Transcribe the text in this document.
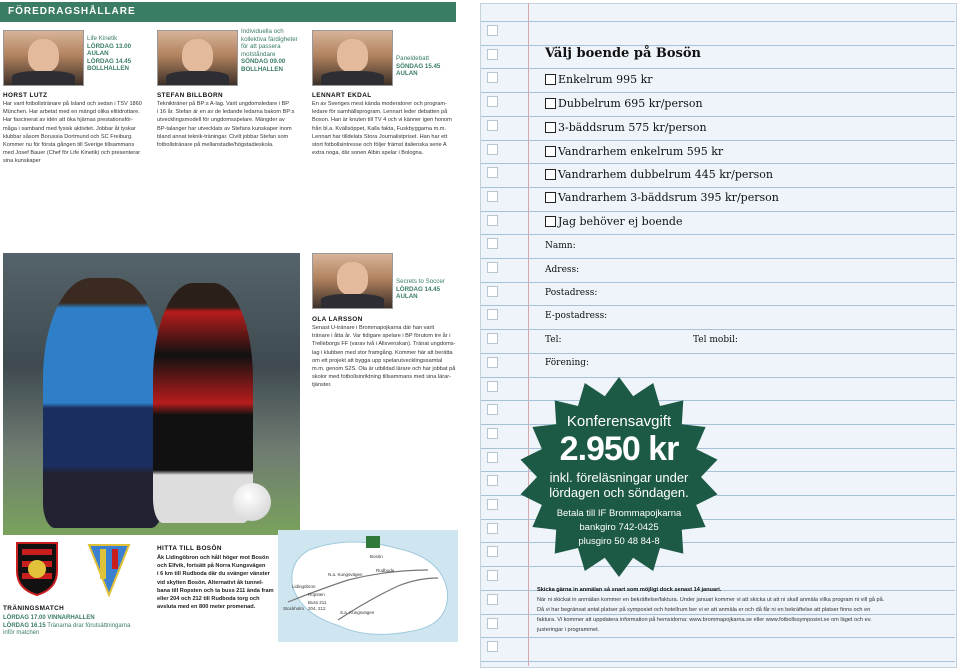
FÖREDRAGSHÅLLARE
Life Kinetik
LÖRDAG 13.00
AULAN
LÖRDAG 14.45
BOLLHALLEN
HORST LUTZ
Har varit fotbollstränare på Island och sedan i TSV 1860
München. Har arbetat med en mängd olika elitidrottare.
Har fascinerat av idén att öka hjärnas prestationsför-
måga i samband med fysisk aktivitet. Jobbar åt tyskar
klubbar såsom Borussia Dortmund och SC Freiburg.
Kommer nu för första gången till Sverige tillsammans
med Josef Bauer (Chef för Life Kinetik) och presenterar
sina kunskaper
Individuella och
kollektiva färdigheter
för att passera
motståndare
SÖNDAG 09.00
BOLLHALLEN
STEFAN BILLBORN
Teknikträner på BP:s A-lag. Varit ungdomsledare i BP
i 16 år. Stefan är en av de ledande ledarna bakom BP:s
utvecklingsmodell för ungdomsspelare. Mängder av
BP-talanger har utvecklats av Stefans kunskaper inom
bland annat teknik-träningar. Civilt jobbar Stefan som
fotbollstränare på mellanstadie/högstadieskola.
Paneldebatt
SÖNDAG 15.45
AULAN
LENNART EKDAL
En av Sveriges mest kända moderatorer och program-
ledare för samhällsprogram. Lennart leder debatten på
Boson. Han är knuten till TV 4 och vi känner igen honom
från bl.a. Kvällsöppet, Kalla fakta, Fuskbyggarna m.m.
Lennart har tilldelats Stora Journalistpriset. Han har ett
stort fotbollsintresse och följer främst italienska serie A
extra noga, där sonen Albin spelar i Bologna.
Secrets to Soccer
LÖRDAG 14.45
AULAN
OLA LARSSON
Senast U-tränare i Brommapojkarna där han varit
tränare i åtta år. Var tidigare spelare i BP förutom tre år i
Trelleborgs FF (varav två i Allsvenskan). Tränat ungdoms-
lag i klubben med stor framgång. Kommer här att berätta
om ett projekt att bygga upp spelarutvecklingssamtal
m.m. genom S2S. Ola är utbildad lärare och har jobbat på
skolor med fotbollsinriktning tillsammans med sina lärar-
tjänster.
TRÄNINGSMATCH
LÖRDAG 17.00 VINNARHALLEN
LÖRDAG 16.15 Tränarna drar förutsättningarna
inför matchen
HITTA TILL BOSÖN
Åk Lidingöbron och håll höger mot Bosön
och Elfvik, fortsätt på Norra Kungsvägen
i 6 km till Rudboda där du svänger vänster
vid skylten Bosön. Alternativt åk tunnel-
bana till Ropsten och ta buss 211 ända fram
eller 204 och 212 till Rudboda torg och
avsluta med en 800 meter promenad.
Lidingöbron
Stockholm
Ropsten
Buss 211
204, 212
Rudboda
N.a. Kungsvägen
Bosön
S.a. Kungsvägen
Välj boende på Bosön
Enkelrum 995 kr
Dubbelrum 695 kr/person
3-bäddsrum 575 kr/person
Vandrarhem enkelrum 595 kr
Vandrarhem dubbelrum 445 kr/person
Vandrarhem 3-bäddsrum 395 kr/person
Jag behöver ej boende
Namn:
Adress:
Postadress:
E-postadress:
Tel:	Tel mobil:
Förening:
Konferensavgift
2.950 kr
inkl. föreläsningar under
lördagen och söndagen.
Betala till IF Brommapojkarna
bankgiro 742-0425
plusgiro 50 48 84-8
Skicka gärna in anmälan så snart som möjligt dock senast 14 januari.
När ni skickat in anmälan kommer en bekräftelse/faktura. Under januari kommer vi att skicka ut att ni skall anmäla vilka program ni vill gå på.
Då vi har begränsat antal platser på symposiet och hotellrum ber vi er att anmäla er och då får ni en bekräftelse att platser finns och en
faktura. Vi kommer att uppdatera information på hemsidorna: www.brommapojkarna.se eller www.fotbollssymposiet.se om läget och ev.
justeringar i programmet.
